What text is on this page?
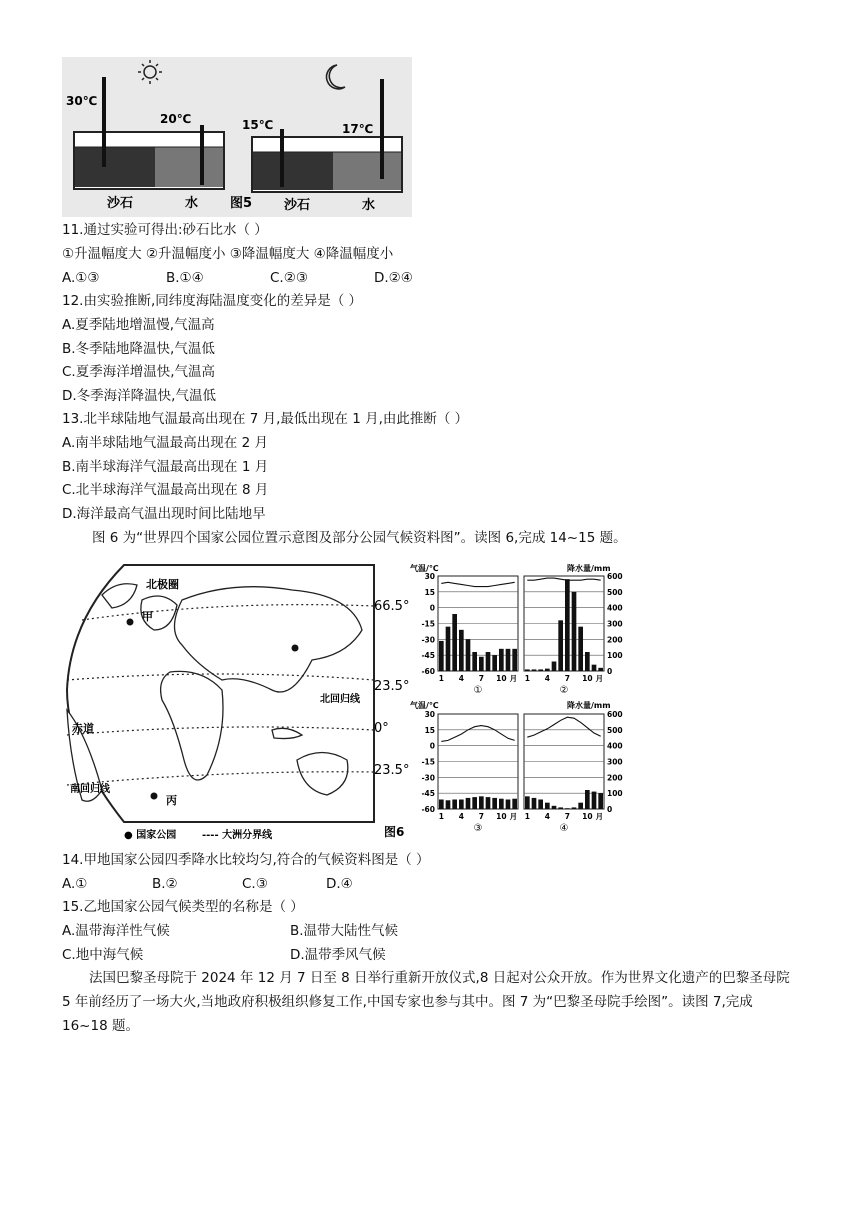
30℃
20℃	15℃	17℃
沙石	水 图5 沙石	水
11.通过实验可得出:砂石比水（ ）
①升温幅度大 ②升温幅度小 ③降温幅度大 ④降温幅度小
A.①③	B.①④	C.②③	D.②④
12.由实验推断,同纬度海陆温度变化的差异是（ ）
A.夏季陆地增温慢,气温高
B.冬季陆地降温快,气温低
C.夏季海洋增温快,气温高
D.冬季海洋降温快,气温低
13.北半球陆地气温最高出现在 7 月,最低出现在 1 月,由此推断（ ）
A.南半球陆地气温最高出现在 2 月
B.南半球海洋气温最高出现在 1 月
C.北半球海洋气温最高出现在 8 月
D.海洋最高气温出现时间比陆地早
图 6 为“世界四个国家公园位置示意图及部分公园气候资料图”。读图 6,完成 14~15 题。
北极圈
甲
北回归线
赤道
南回归线
丙
66.5°
23.5°
0°
23.5°
● 国家公园	---- 大洲分界线	图6
气温/℃	降水量/mm
气温/℃	降水量/mm
30
15
0
-15
-30
-45
-60
1 4 7 10 月
①
600
500
400
300
200
100
0
1 4 7 10 月
②
30
15
0
-15
-30
-45
-60
1 4 7 10 月
③
600
500
400
300
200
100
0
1 4 7 10 月
④
14.甲地国家公园四季降水比较均匀,符合的气候资料图是（ ）
A.①	B.②	C.③	D.④
15.乙地国家公园气候类型的名称是（ ）
A.温带海洋性气候	B.温带大陆性气候
C.地中海气候	D.温带季风气候
法国巴黎圣母院于 2024 年 12 月 7 日至 8 日举行重新开放仪式,8 日起对公众开放。作为世界文化遗产的巴黎圣母院 5 年前经历了一场大火,当地政府积极组织修复工作,中国专家也参与其中。图 7 为“巴黎圣母院手绘图”。读图 7,完成 16~18 题。
